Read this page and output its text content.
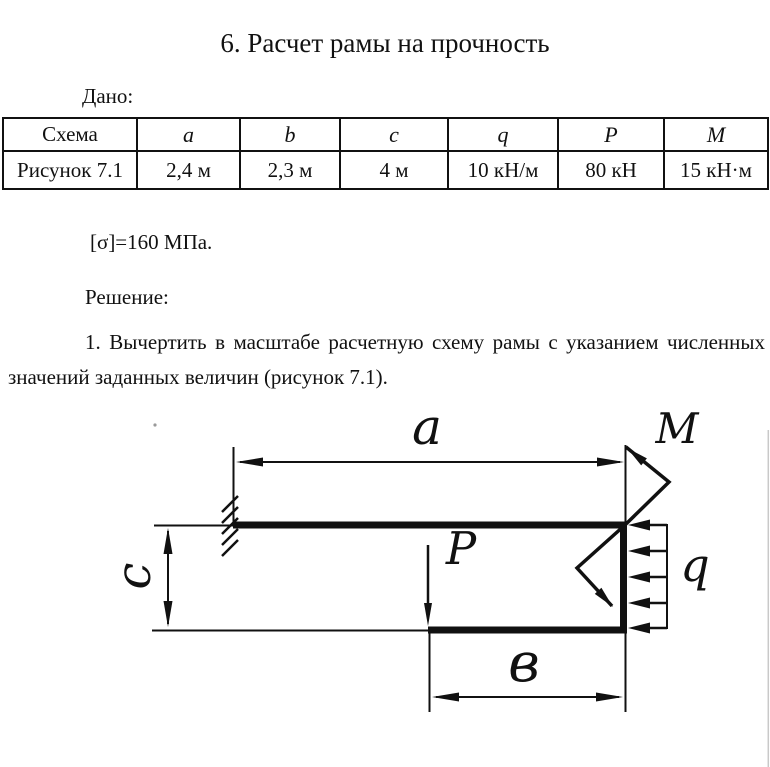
6. Расчет рамы на прочность
Дано:
Схема	a	b	c	q	P	M
Рисунок 7.1	2,4 м	2,3 м	4 м	10 кН/м	80 кН	15 кН·м
[σ]=160 МПа.
Решение:
1. Вычертить в масштабе расчетную схему рамы с указанием численных
значений заданных величин (рисунок 7.1).
a	M
P	q
c
в
